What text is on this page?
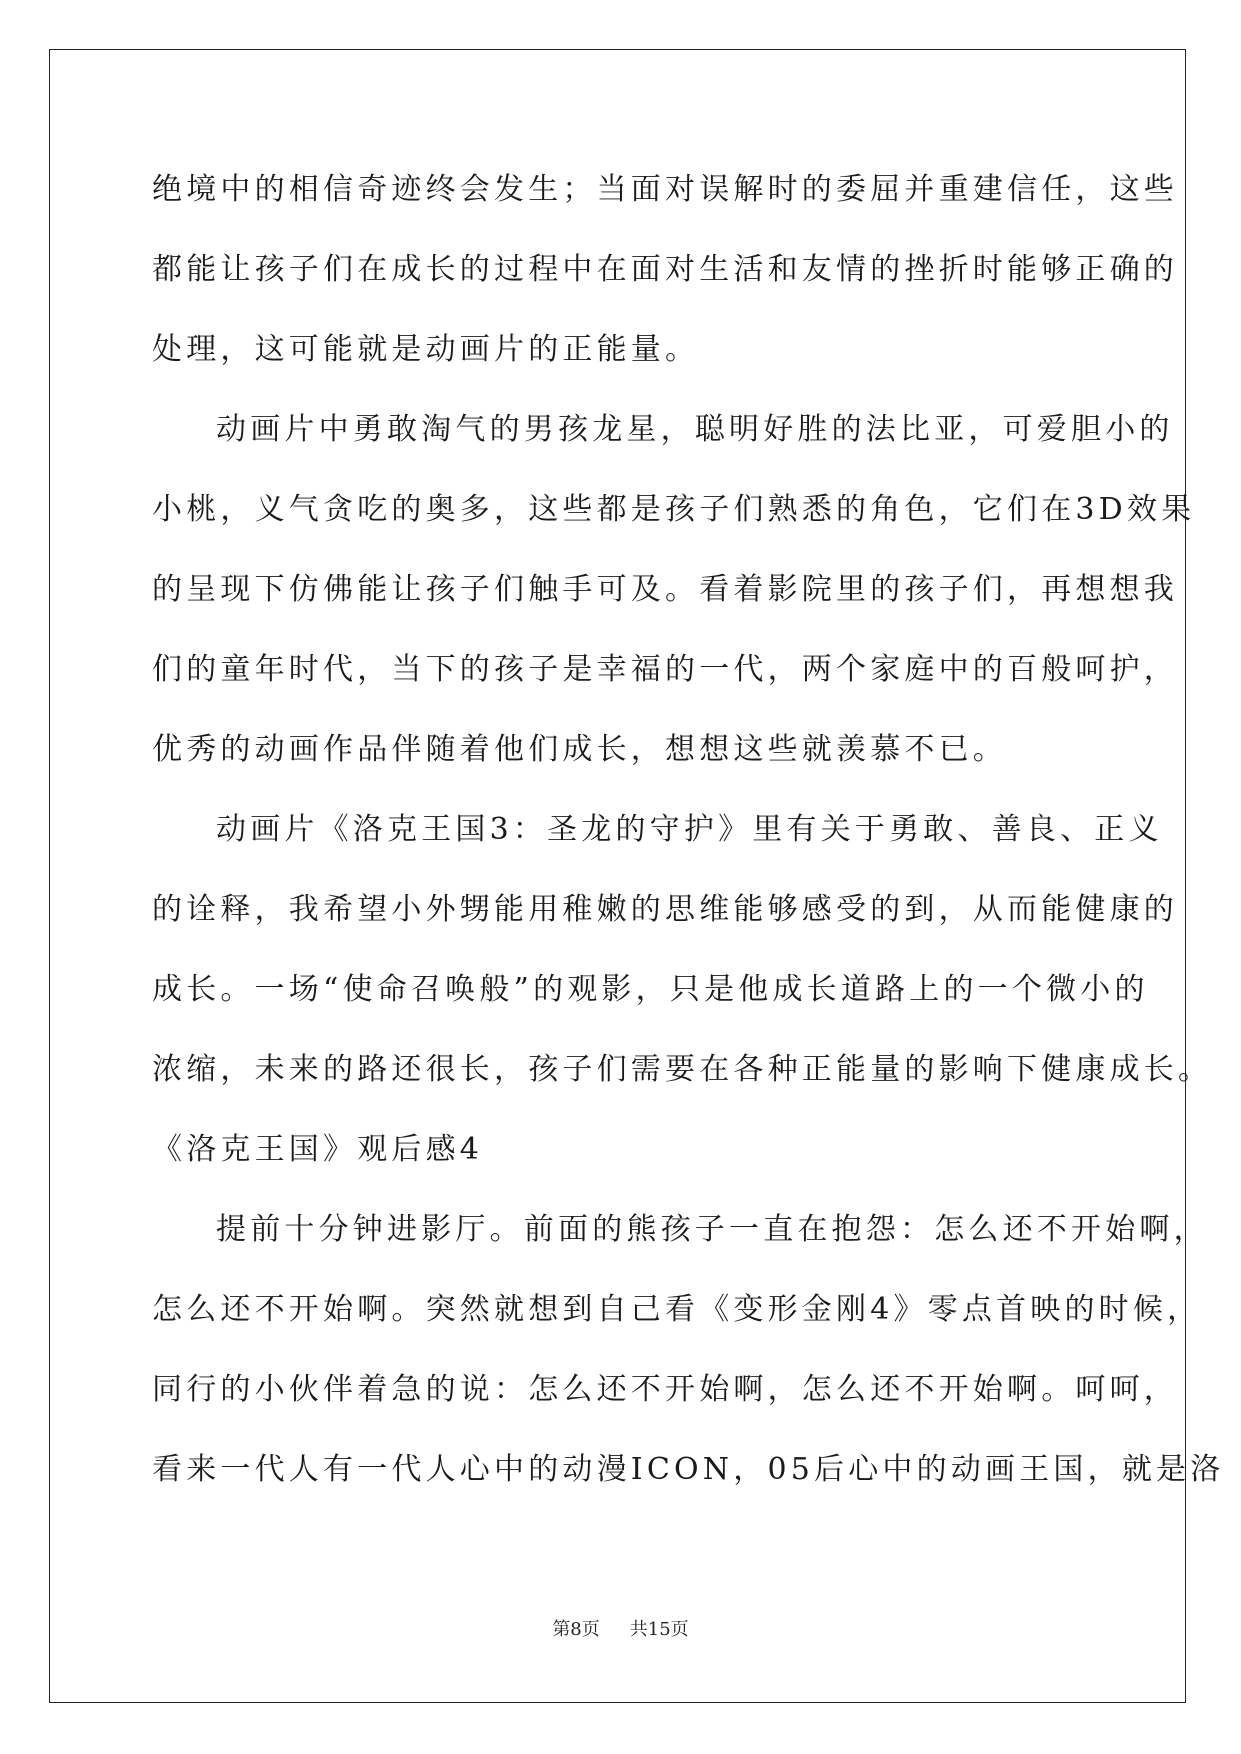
绝境中的相信奇迹终会发生；当面对误解时的委屈并重建信任，这些
都能让孩子们在成长的过程中在面对生活和友情的挫折时能够正确的
处理，这可能就是动画片的正能量。
动画片中勇敢淘气的男孩龙星，聪明好胜的法比亚，可爱胆小的
小桃，义气贪吃的奥多，这些都是孩子们熟悉的角色，它们在3D效果
的呈现下仿佛能让孩子们触手可及。看着影院里的孩子们，再想想我
们的童年时代，当下的孩子是幸福的一代，两个家庭中的百般呵护，
优秀的动画作品伴随着他们成长，想想这些就羡慕不已。
动画片《洛克王国3：圣龙的守护》里有关于勇敢、善良、正义
的诠释，我希望小外甥能用稚嫩的思维能够感受的到，从而能健康的
成长。一场“使命召唤般”的观影，只是他成长道路上的一个微小的
浓缩，未来的路还很长，孩子们需要在各种正能量的影响下健康成长。
《洛克王国》观后感4
提前十分钟进影厅。前面的熊孩子一直在抱怨：怎么还不开始啊，
怎么还不开始啊。突然就想到自己看《变形金刚4》零点首映的时候，
同行的小伙伴着急的说：怎么还不开始啊，怎么还不开始啊。呵呵，
看来一代人有一代人心中的动漫ICON，05后心中的动画王国，就是洛
第8页 共15页
